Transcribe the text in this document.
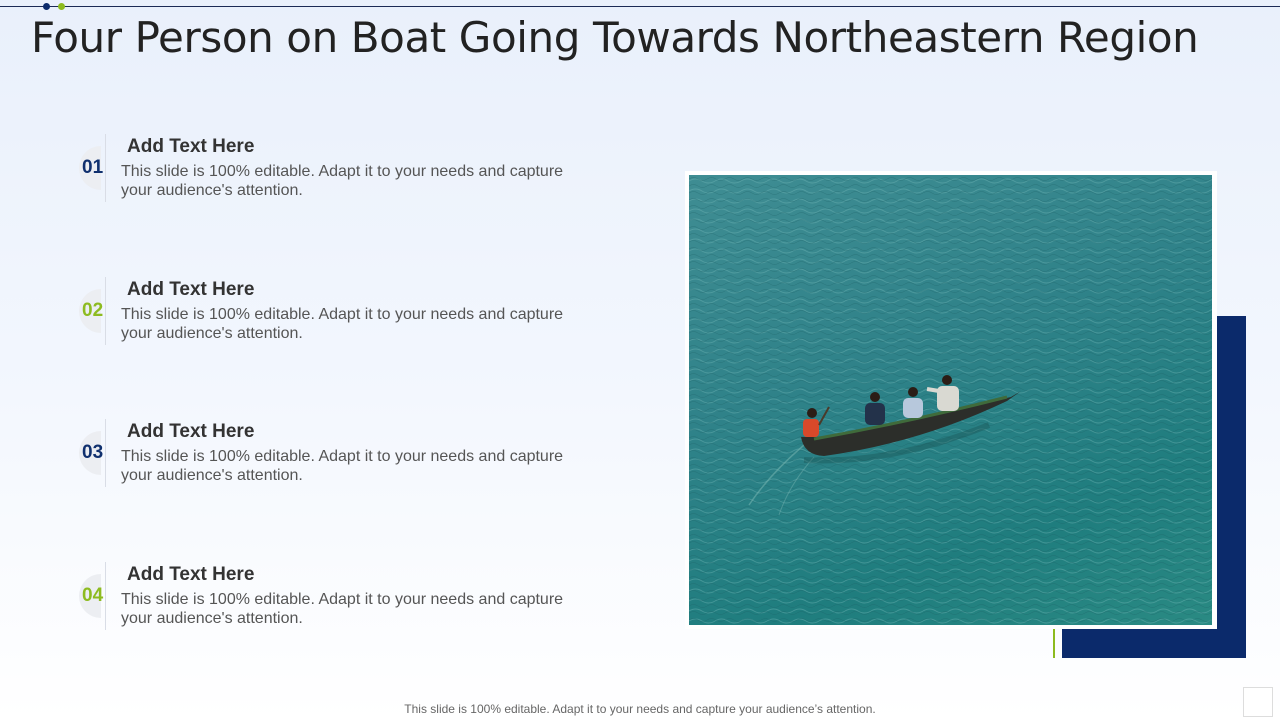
Four Person on Boat Going Towards Northeastern Region
01
Add Text Here
This slide is 100% editable. Adapt it to your needs and capture your audience's attention.
02
Add Text Here
This slide is 100% editable. Adapt it to your needs and capture your audience's attention.
03
Add Text Here
This slide is 100% editable. Adapt it to your needs and capture your audience's attention.
04
Add Text Here
This slide is 100% editable. Adapt it to your needs and capture your audience's attention.
This slide is 100% editable. Adapt it to your needs and capture your audience’s attention.
